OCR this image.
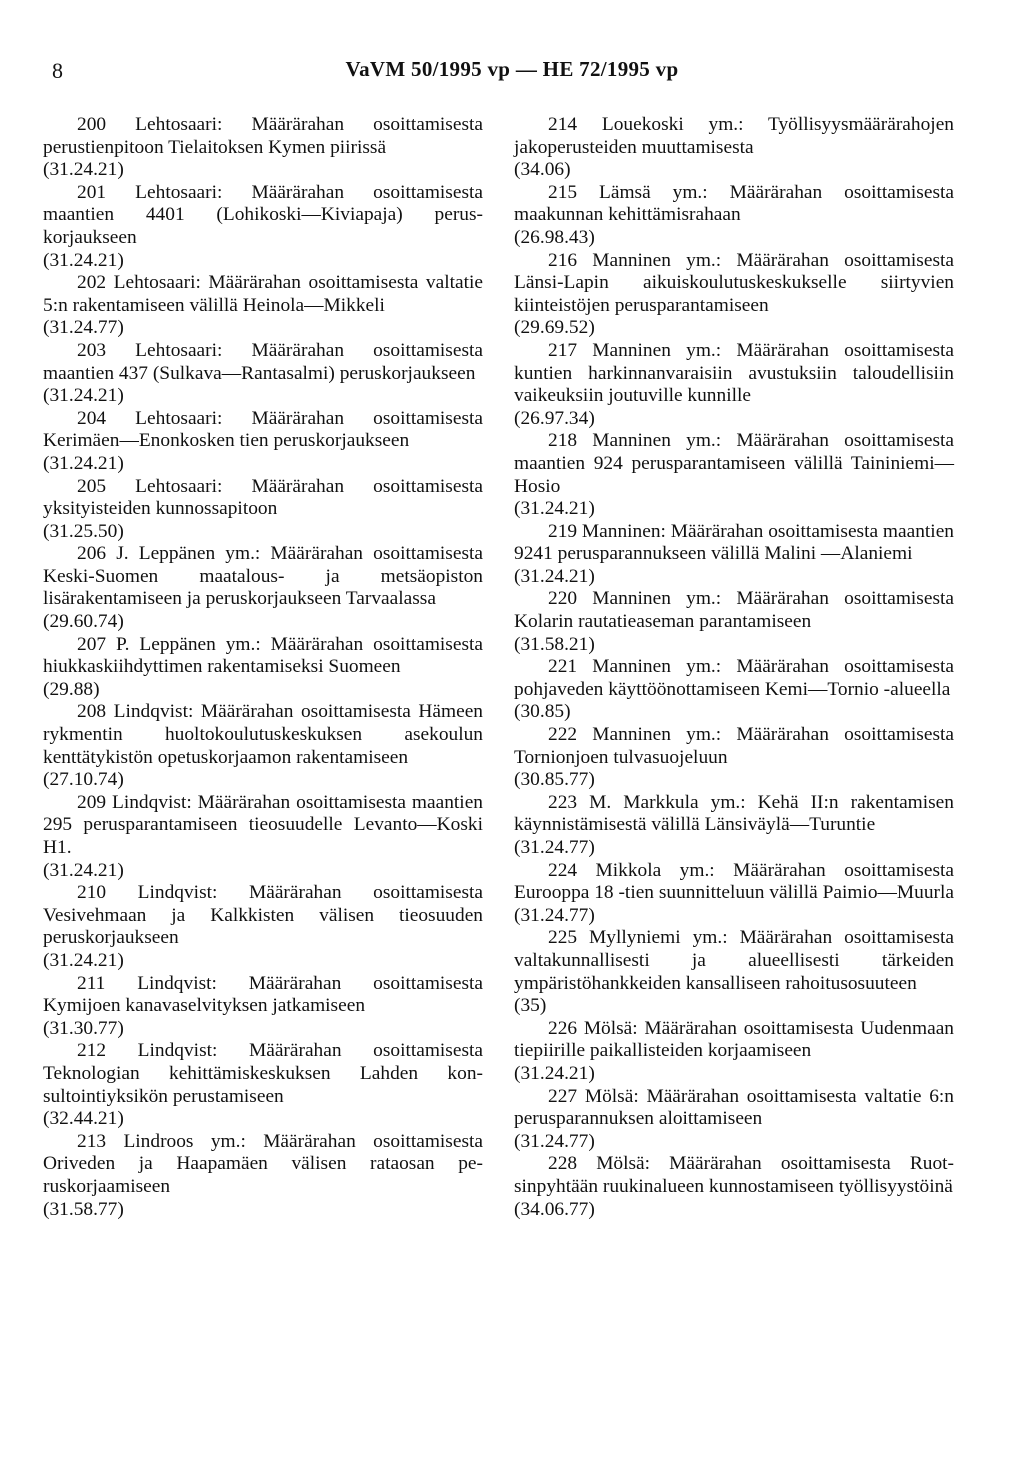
8	VaVM 50/1995 vp — HE 72/1995 vp
200 Lehtosaari: Määrärahan osoittamisesta perustienpitoon Tielaitoksen Kymen piirissä
(31.24.21)
201 Lehtosaari: Määrärahan osoittamisesta maantien 4401 (Lohikoski—Kiviapaja) peruskorjaukseen
(31.24.21)
202 Lehtosaari: Määrärahan osoittamisesta valtatie 5:n rakentamiseen välillä Heinola—Mikkeli
(31.24.77)
203 Lehtosaari: Määrärahan osoittamisesta maantien 437 (Sulkava—Rantasalmi) peruskorjaukseen
(31.24.21)
204 Lehtosaari: Määrärahan osoittamisesta Kerimäen—Enonkosken tien peruskorjaukseen
(31.24.21)
205 Lehtosaari: Määrärahan osoittamisesta yksityisteiden kunnossapitoon
(31.25.50)
206 J. Leppänen ym.: Määrärahan osoittamisesta Keski-Suomen maatalous- ja metsäopiston lisärakentamiseen ja peruskorjaukseen Tarvaalassa
(29.60.74)
207 P. Leppänen ym.: Määrärahan osoittamisesta hiukkaskiihdyttimen rakentamiseksi Suomeen
(29.88)
208 Lindqvist: Määrärahan osoittamisesta Hämeen rykmentin huoltokoulutuskeskuksen asekoulun kenttätykistön opetuskorjaamon rakentamiseen
(27.10.74)
209 Lindqvist: Määrärahan osoittamisesta maantien 295 perusparantamiseen tieosuudelle Levanto—Koski H1.
(31.24.21)
210 Lindqvist: Määrärahan osoittamisesta Vesivehmaan ja Kalkkisten välisen tieosuuden peruskorjaukseen
(31.24.21)
211 Lindqvist: Määrärahan osoittamisesta Kymijoen kanavaselvityksen jatkamiseen
(31.30.77)
212 Lindqvist: Määrärahan osoittamisesta Teknologian kehittämiskeskuksen Lahden konsultointiyksikön perustamiseen
(32.44.21)
213 Lindroos ym.: Määrärahan osoittamisesta Oriveden ja Haapamäen välisen rataosan peruskorjaamiseen
(31.58.77)
214 Louekoski ym.: Työllisyysmäärärahojen jakoperusteiden muuttamisesta
(34.06)
215 Lämsä ym.: Määrärahan osoittamisesta maakunnan kehittämisrahaan
(26.98.43)
216 Manninen ym.: Määrärahan osoittamisesta Länsi-Lapin aikuiskoulutuskeskukselle siirtyvien kiinteistöjen perusparantamiseen
(29.69.52)
217 Manninen ym.: Määrärahan osoittamisesta kuntien harkinnanvaraisiin avustuksiin taloudellisiin vaikeuksiin joutuville kunnille
(26.97.34)
218 Manninen ym.: Määrärahan osoittamisesta maantien 924 perusparantamiseen välillä Taininiemi—Hosio
(31.24.21)
219 Manninen: Määrärahan osoittamisesta maantien 9241 perusparannukseen välillä Malini —Alaniemi
(31.24.21)
220 Manninen ym.: Määrärahan osoittamisesta Kolarin rautatieaseman parantamiseen
(31.58.21)
221 Manninen ym.: Määrärahan osoittamisesta pohjaveden käyttöönottamiseen Kemi—Tornio -alueella
(30.85)
222 Manninen ym.: Määrärahan osoittamisesta Tornionjoen tulvasuojeluun
(30.85.77)
223 M. Markkula ym.: Kehä II:n rakentamisen käynnistämisestä välillä Länsiväylä—Turuntie
(31.24.77)
224 Mikkola ym.: Määrärahan osoittamisesta Eurooppa 18 -tien suunnitteluun välillä Paimio—Muurla
(31.24.77)
225 Myllyniemi ym.: Määrärahan osoittamisesta valtakunnallisesti ja alueellisesti tärkeiden ympäristöhankkeiden kansalliseen rahoitusosuuteen
(35)
226 Mölsä: Määrärahan osoittamisesta Uudenmaan tiepiirille paikallisteiden korjaamiseen
(31.24.21)
227 Mölsä: Määrärahan osoittamisesta valtatie 6:n perusparannuksen aloittamiseen
(31.24.77)
228 Mölsä: Määrärahan osoittamisesta Ruotsinpyhtään ruukinalueen kunnostamiseen työllisyystöinä
(34.06.77)
